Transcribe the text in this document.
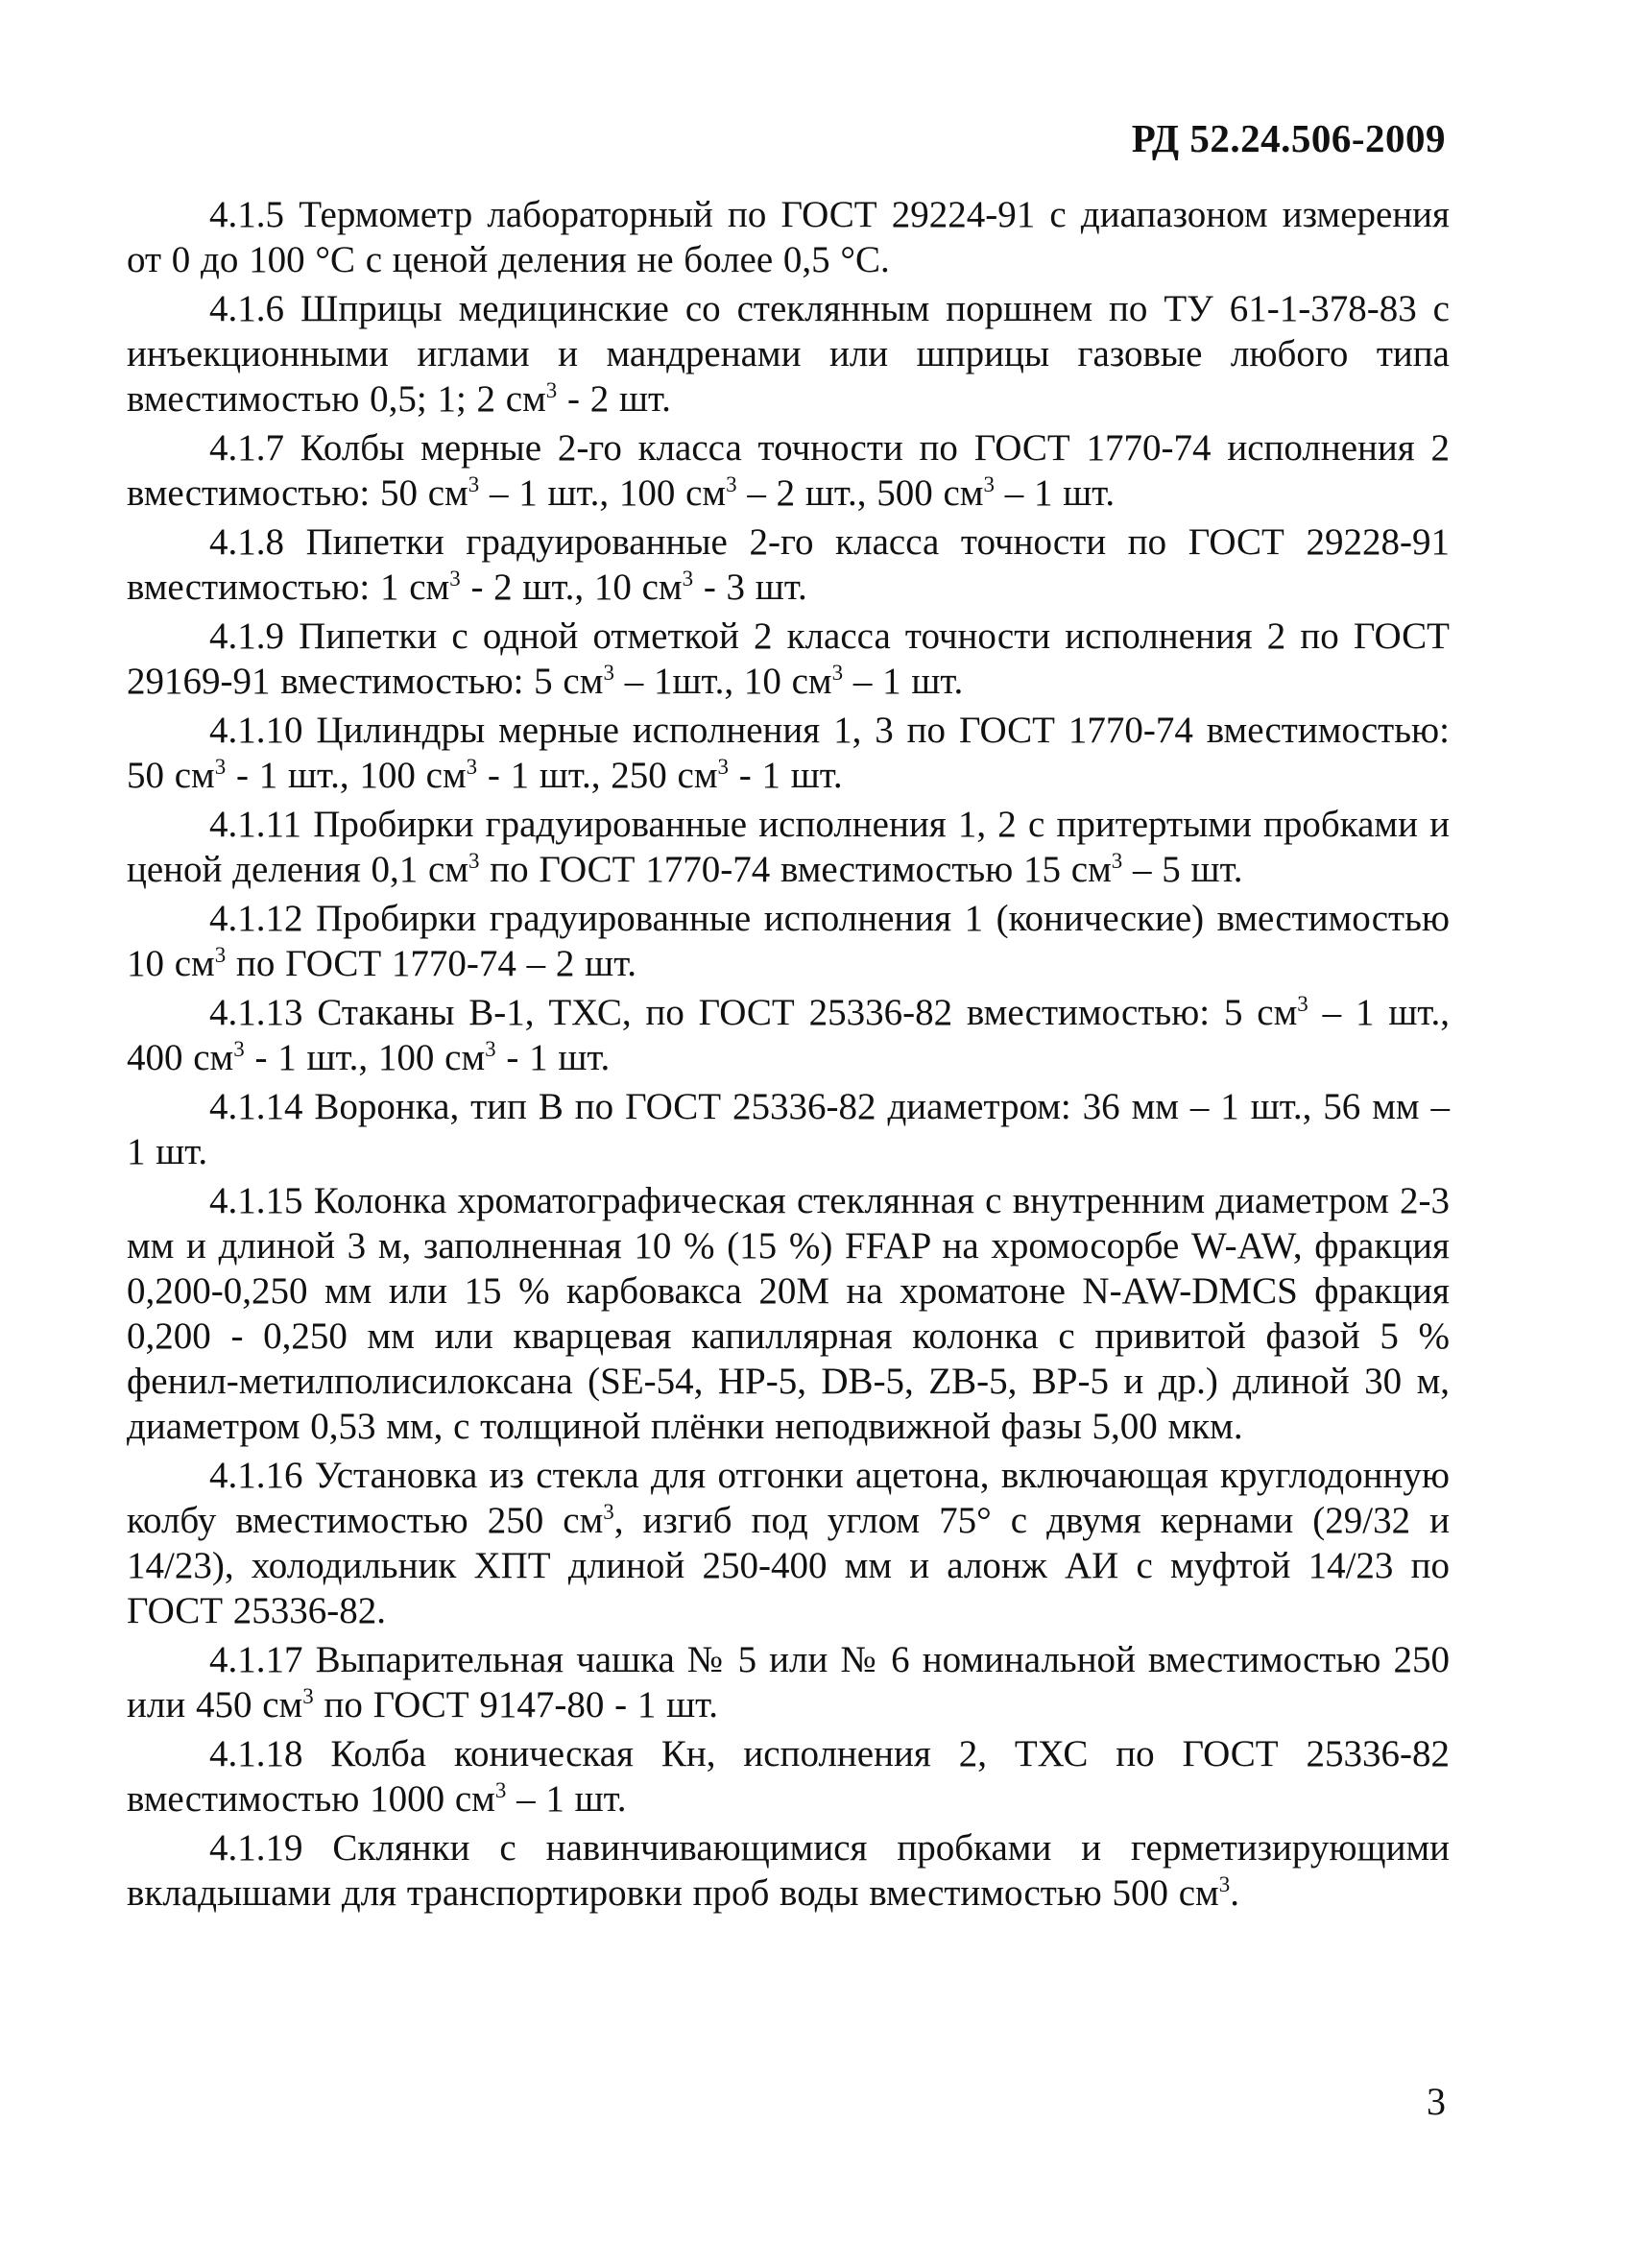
РД 52.24.506-2009

4.1.5 Термометр лабораторный по ГОСТ 29224-91 с диапазоном измерения от 0 до 100 °С с ценой деления не более 0,5 °С.

4.1.6 Шприцы медицинские со стеклянным поршнем по ТУ 61-1-378-83 с инъекционными иглами и мандренами или шприцы газовые любого типа вместимостью 0,5; 1; 2 $см^3 - 2$ шт.

4.1.7 Колбы мерные 2-го класса точности по ГОСТ 1770-74 исполнения 2 вместимостью: 50 $см^3 - 1$ шт., 100 $см^3 - 2$ шт., 500 $см^3 - 1$ шт.

4.1.8 Пипетки градуированные 2-го класса точности по ГОСТ 29228-91 вместимостью: 1 $см^3 - 2$ шт., 10 $см^3 - 3$ шт.

4.1.9 Пипетки с одной отметкой 2 класса точности исполнения 2 по ГОСТ 29169-91 вместимостью: 5 $см^3 - 1шт$., 10 $см^3 - 1$ шт.

4.1.10 Цилиндры мерные исполнения 1, 3 по ГОСТ 1770-74 вместимостью: 50 $см^3 - 1$ шт., 100 $см^3 - 1$ шт., 250 $см^3 - 1$ шт.

4.1.11 Пробирки градуированные исполнения 1, 2 с притертыми пробками и ценой деления 0,1 $см^3$ по ГОСТ 1770-74 вместимостью 15 $см^3 - 5$ шт.

4.1.12 Пробирки градуированные исполнения 1 (конические) вместимостью 10 $см^3$ по ГОСТ 1770-74 – 2 шт.

4.1.13 Стаканы В-1, ТХС, по ГОСТ 25336-82 вместимостью: 5 $см^3 - 1$ шт., 400 $см^3 - 1$ шт., 100 $см^3 - 1$ шт.

4.1.14 Воронка, тип В по ГОСТ 25336-82 диаметром: 36 мм – 1 шт., 56 мм – 1 шт.

4.1.15 Колонка хроматографическая стеклянная с внутренним диаметром 2-3 мм и длиной 3 м, заполненная 10 % (15 %) FFAP на хромосорбе W-AW, фракция 0,200-0,250 мм или 15 % карбовакса 20М на хроматоне N-AW-DMCS фракция 0,200 - 0,250 мм или кварцевая капиллярная колонка с привитой фазой 5 % фенил-метилполисилоксана (SE-54, HP-5, DB-5, ZB-5, BP-5 и др.) длиной 30 м, диаметром 0,53 мм, с толщиной плёнки неподвижной фазы 5,00 мкм.

4.1.16 Установка из стекла для отгонки ацетона, включающая круглодонную колбу вместимостью 250 $см^3$, изгиб под углом 75° с двумя кернами (29/32 и 14/23), холодильник ХПТ длиной 250-400 мм и алонж АИ с муфтой 14/23 по ГОСТ 25336-82.

4.1.17 Выпарительная чашка № 5 или № 6 номинальной вместимостью 250 или 450 $см^3$ по ГОСТ 9147-80 - 1 шт.

4.1.18 Колба коническая Кн, исполнения 2, ТХС по ГОСТ 25336-82 вместимостью 1000 $см^3 - 1$ шт.

4.1.19 Склянки с навинчивающимися пробками и герметизирующими вкладышами для транспортировки проб воды вместимостью 500 $см^3$.

3
